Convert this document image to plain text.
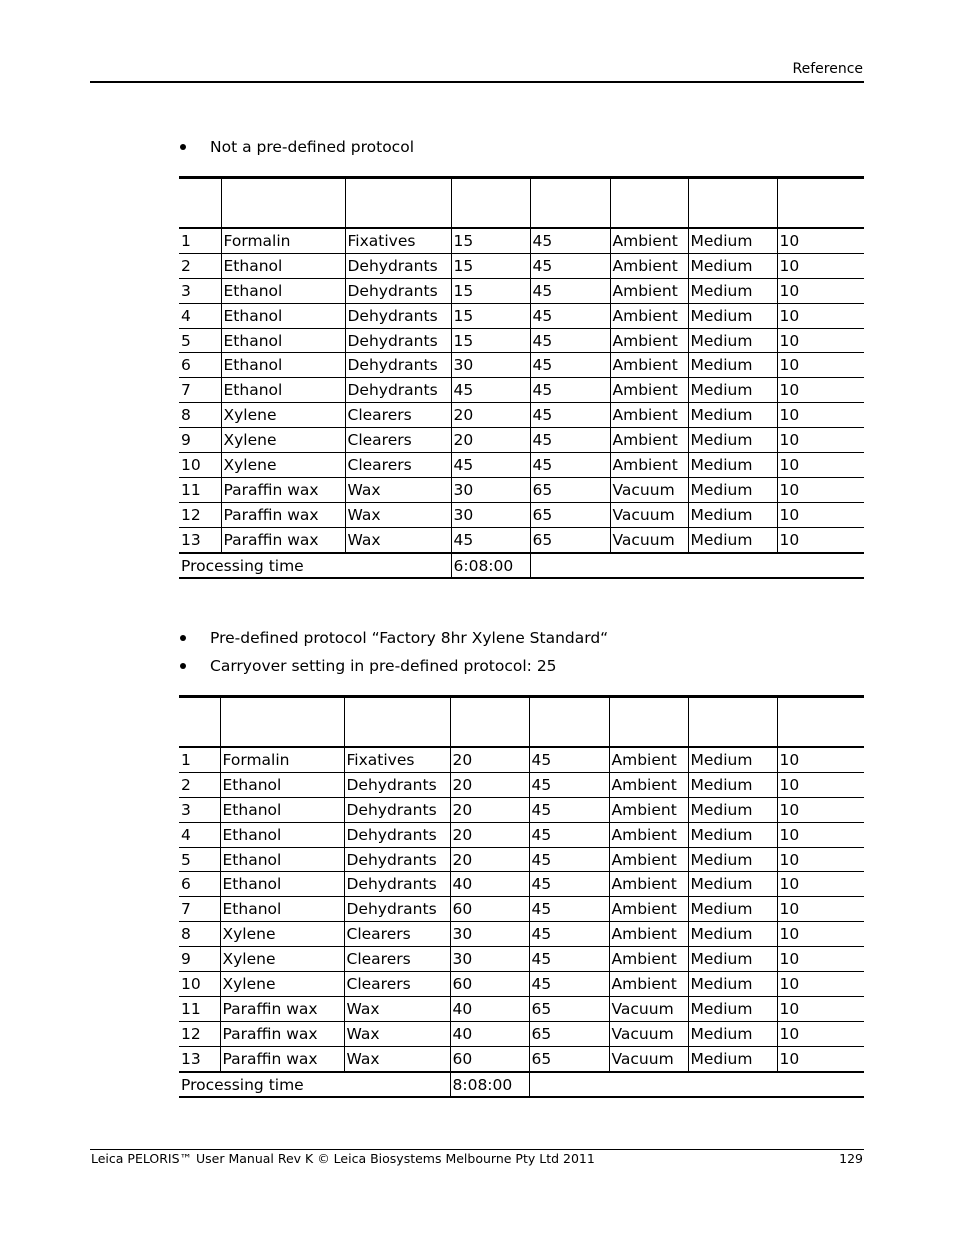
Reference
Not a pre-defined protocol

1	Formalin	Fixatives	15	45	Ambient	Medium	10
2	Ethanol	Dehydrants	15	45	Ambient	Medium	10
3	Ethanol	Dehydrants	15	45	Ambient	Medium	10
4	Ethanol	Dehydrants	15	45	Ambient	Medium	10
5	Ethanol	Dehydrants	15	45	Ambient	Medium	10
6	Ethanol	Dehydrants	30	45	Ambient	Medium	10
7	Ethanol	Dehydrants	45	45	Ambient	Medium	10
8	Xylene	Clearers	20	45	Ambient	Medium	10
9	Xylene	Clearers	20	45	Ambient	Medium	10
10	Xylene	Clearers	45	45	Ambient	Medium	10
11	Paraffin wax	Wax	30	65	Vacuum	Medium	10
12	Paraffin wax	Wax	30	65	Vacuum	Medium	10
13	Paraffin wax	Wax	45	65	Vacuum	Medium	10
Processing time			6:08:00				
Pre-defined protocol “Factory 8hr Xylene Standard“
Carryover setting in pre-defined protocol: 25

1	Formalin	Fixatives	20	45	Ambient	Medium	10
2	Ethanol	Dehydrants	20	45	Ambient	Medium	10
3	Ethanol	Dehydrants	20	45	Ambient	Medium	10
4	Ethanol	Dehydrants	20	45	Ambient	Medium	10
5	Ethanol	Dehydrants	20	45	Ambient	Medium	10
6	Ethanol	Dehydrants	40	45	Ambient	Medium	10
7	Ethanol	Dehydrants	60	45	Ambient	Medium	10
8	Xylene	Clearers	30	45	Ambient	Medium	10
9	Xylene	Clearers	30	45	Ambient	Medium	10
10	Xylene	Clearers	60	45	Ambient	Medium	10
11	Paraffin wax	Wax	40	65	Vacuum	Medium	10
12	Paraffin wax	Wax	40	65	Vacuum	Medium	10
13	Paraffin wax	Wax	60	65	Vacuum	Medium	10
Processing time			8:08:00				
Leica PELORIS™ User Manual Rev K © Leica Biosystems Melbourne Pty Ltd 2011	129
